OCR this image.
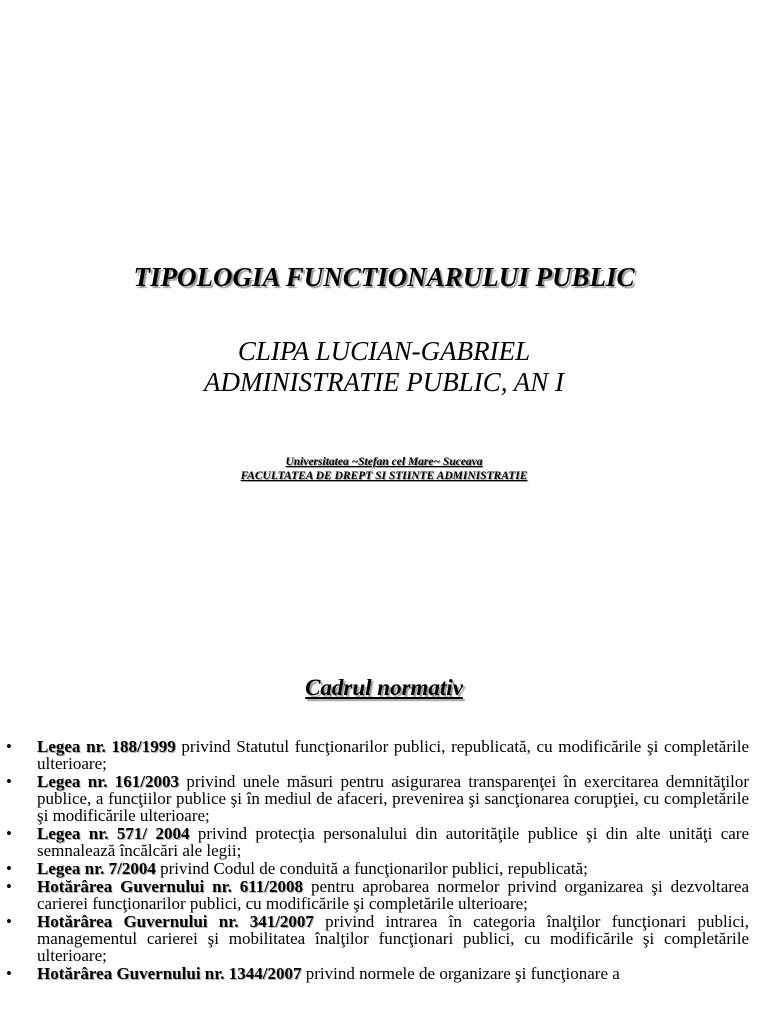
TIPOLOGIA FUNCTIONARULUI PUBLIC
CLIPA LUCIAN-GABRIEL
ADMINISTRATIE PUBLIC, AN I
Universitatea ~Stefan cel Mare~ Suceava
FACULTATEA DE DREPT SI STIINTE ADMINISTRATIE
Cadrul normativ
• Legea nr. 188/1999 privind Statutul funcţionarilor publici, republicată, cu modificările şi completările ulterioare;
• Legea nr. 161/2003 privind unele măsuri pentru asigurarea transparenţei în exercitarea demnităţilor publice, a funcţiilor publice şi în mediul de afaceri, prevenirea şi sancţionarea corupţiei, cu completările şi modificările ulterioare;
• Legea nr. 571/ 2004 privind protecţia personalului din autorităţile publice şi din alte unităţi care semnalează încălcări ale legii;
• Legea nr. 7/2004 privind Codul de conduită a funcţionarilor publici, republicată;
• Hotărârea Guvernului nr. 611/2008 pentru aprobarea normelor privind organizarea şi dezvoltarea carierei funcţionarilor publici, cu modificările şi completările ulterioare;
• Hotărârea Guvernului nr. 341/2007 privind intrarea în categoria înalţilor funcţionari publici, managementul carierei şi mobilitatea înalţilor funcţionari publici, cu modificările şi completările ulterioare;
• Hotărârea Guvernului nr. 1344/2007 privind normele de organizare şi funcţionare a
